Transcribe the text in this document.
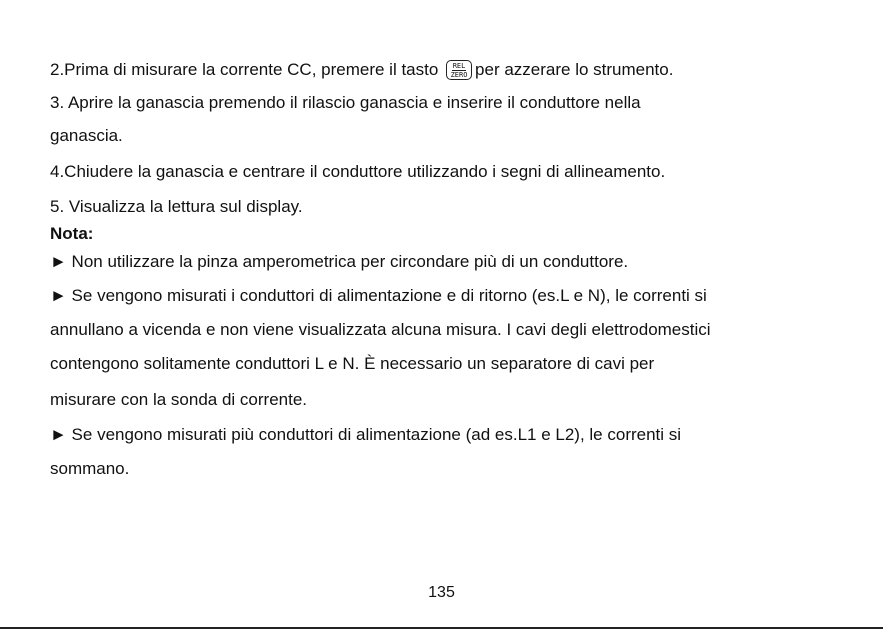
2.Prima di misurare la corrente CC, premere il tasto	REL
ZERO per azzerare lo strumento.
3. Aprire la ganascia premendo il rilascio ganascia e inserire il conduttore nella
ganascia.
4.Chiudere la ganascia e centrare il conduttore utilizzando i segni di allineamento.
5. Visualizza la lettura sul display.
Nota:
► Non utilizzare la pinza amperometrica per circondare più di un conduttore.
► Se vengono misurati i conduttori di alimentazione e di ritorno (es.L e N), le correnti si
annullano a vicenda e non viene visualizzata alcuna misura. I cavi degli elettrodomestici
contengono solitamente conduttori L e N. È necessario un separatore di cavi per
misurare con la sonda di corrente.
► Se vengono misurati più conduttori di alimentazione (ad es.L1 e L2), le correnti si
sommano.
135
